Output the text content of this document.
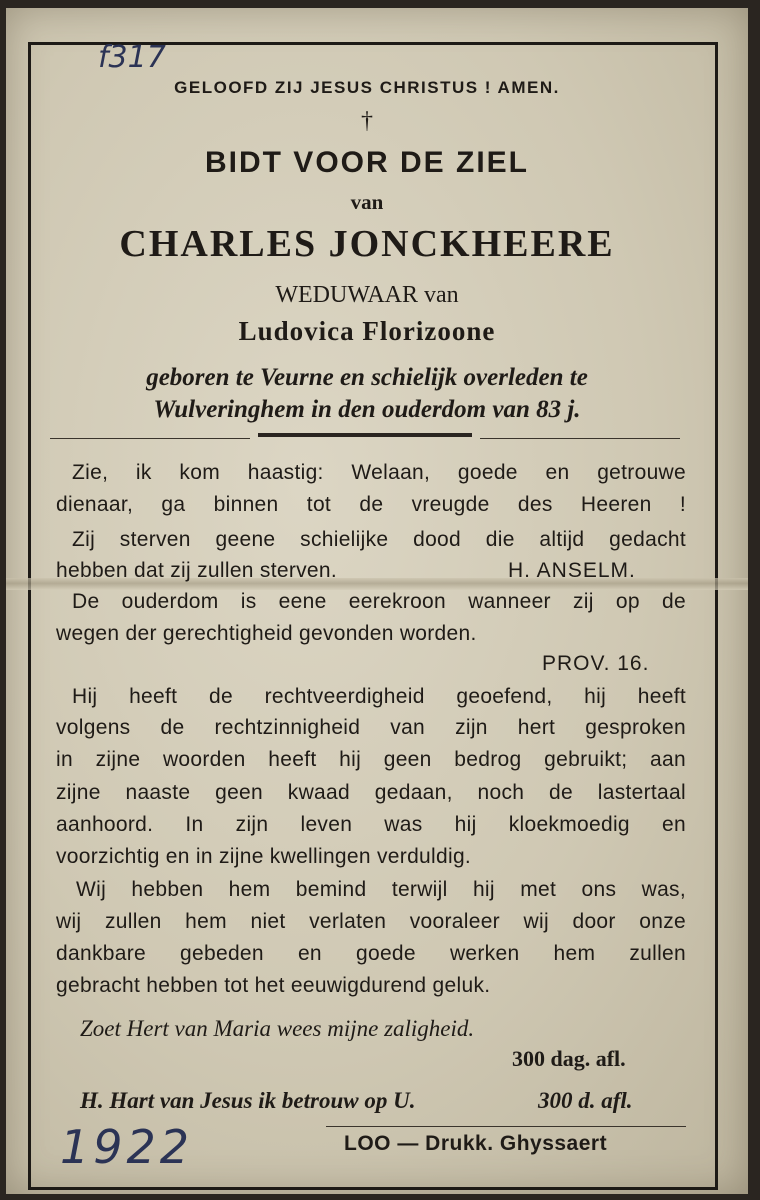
f317
1922
GELOOFD ZIJ JESUS CHRISTUS ! AMEN.
†
BIDT VOOR DE ZIEL
van
CHARLES JONCKHEERE
WEDUWAAR van
Ludovica Florizoone
geboren te Veurne en schielijk overleden te
Wulveringhem in den ouderdom van 83 j.
Zie, ik kom haastig: Welaan, goede en getrouwe
dienaar, ga binnen tot de vreugde des Heeren !
Zij sterven geene schielijke dood die altijd gedacht
hebben dat zij zullen sterven.	H. ANSELM.
De ouderdom is eene eerekroon wanneer zij op de
wegen der gerechtigheid gevonden worden.
PROV. 16.
Hij heeft de rechtveerdigheid geoefend, hij heeft
volgens de rechtzinnigheid van zijn hert gesproken
in zijne woorden heeft hij geen bedrog gebruikt; aan
zijne naaste geen kwaad gedaan, noch de lastertaal
aanhoord. In zijn leven was hij kloekmoedig en
voorzichtig en in zijne kwellingen verduldig.
Wij hebben hem bemind terwijl hij met ons was,
wij zullen hem niet verlaten vooraleer wij door onze
dankbare gebeden en goede werken hem zullen
gebracht hebben tot het eeuwigdurend geluk.
Zoet Hert van Maria wees mijne zaligheid.
300 dag. afl.
H. Hart van Jesus ik betrouw op U.	300 d. afl.
LOO — Drukk. Ghyssaert
